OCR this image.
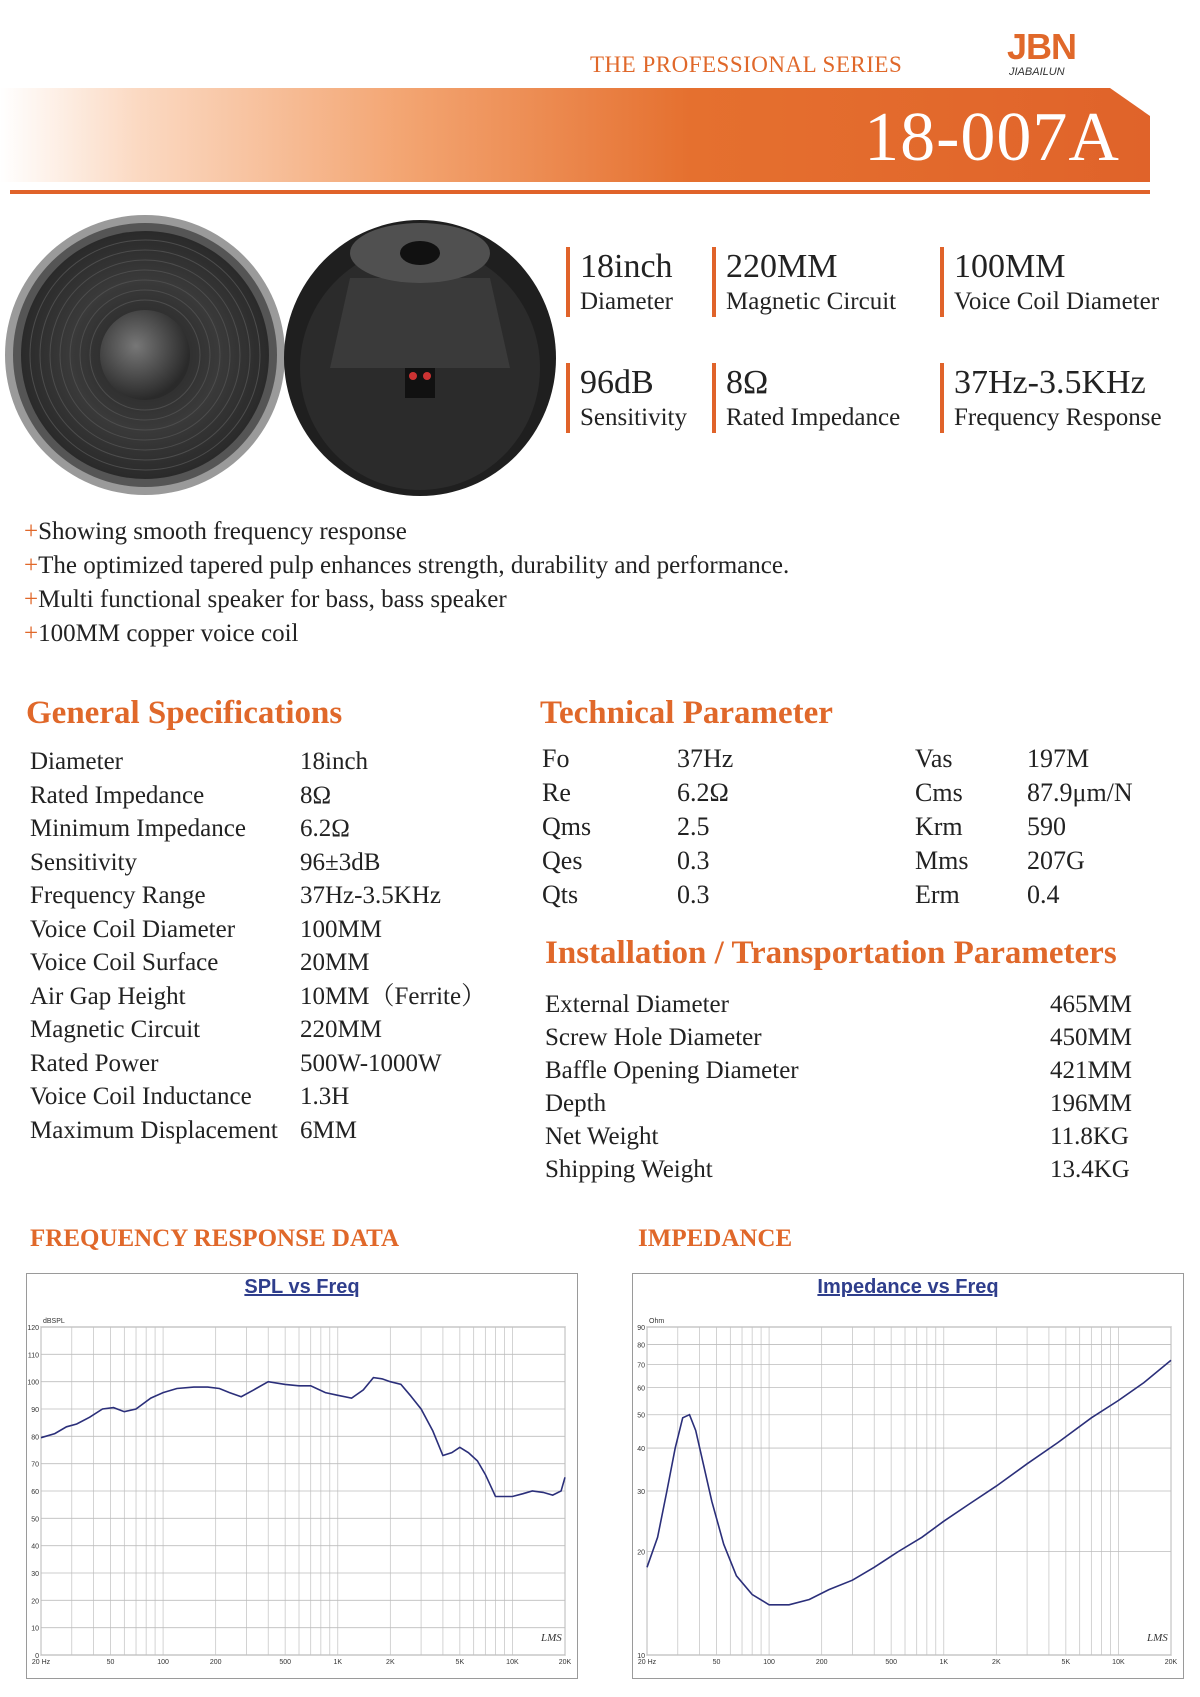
THE PROFESSIONAL SERIES	JBN
JIABAILUN
18-007A
18inch
Diameter
220MM
Magnetic Circuit
100MM
Voice Coil Diameter
96dB
Sensitivity
8Ω
Rated Impedance
37Hz-3.5KHz
Frequency Response
+Showing smooth frequency response
+The optimized tapered pulp enhances strength, durability and performance.
+Multi functional speaker for bass, bass speaker
+100MM copper voice coil
General Specifications
Diameter	18inch
Rated Impedance	8Ω
Minimum Impedance	6.2Ω
Sensitivity	96±3dB
Frequency Range	37Hz-3.5KHz
Voice Coil Diameter	100MM
Voice Coil Surface	20MM
Air Gap Height	10MM（Ferrite）
Magnetic Circuit	220MM
Rated Power	500W-1000W
Voice Coil Inductance	1.3H
Maximum Displacement	6MM
Technical Parameter
Fo	37Hz	Vas	197M
Re	6.2Ω	Cms	87.9μm/N
Qms	2.5	Krm	590
Qes	0.3	Mms	207G
Qts	0.3	Erm	0.4
Installation / Transportation Parameters
External Diameter	465MM
Screw Hole Diameter	450MM
Baffle Opening Diameter	421MM
Depth	196MM
Net Weight	11.8KG
Shipping Weight	13.4KG
FREQUENCY RESPONSE DATA	IMPEDANCE
SPL vs Freq
0
10
20
30
40
50
60
70
80
90
100
110
120
dBSPL
20 Hz	50	100	200	500	1K	2K	5K	10K	20K
LMS
Impedance vs Freq
10
20
30
40
50
60
70
80
90
Ohm
20 Hz	50	100	200	500	1K	2K	5K	10K	20K
LMS
